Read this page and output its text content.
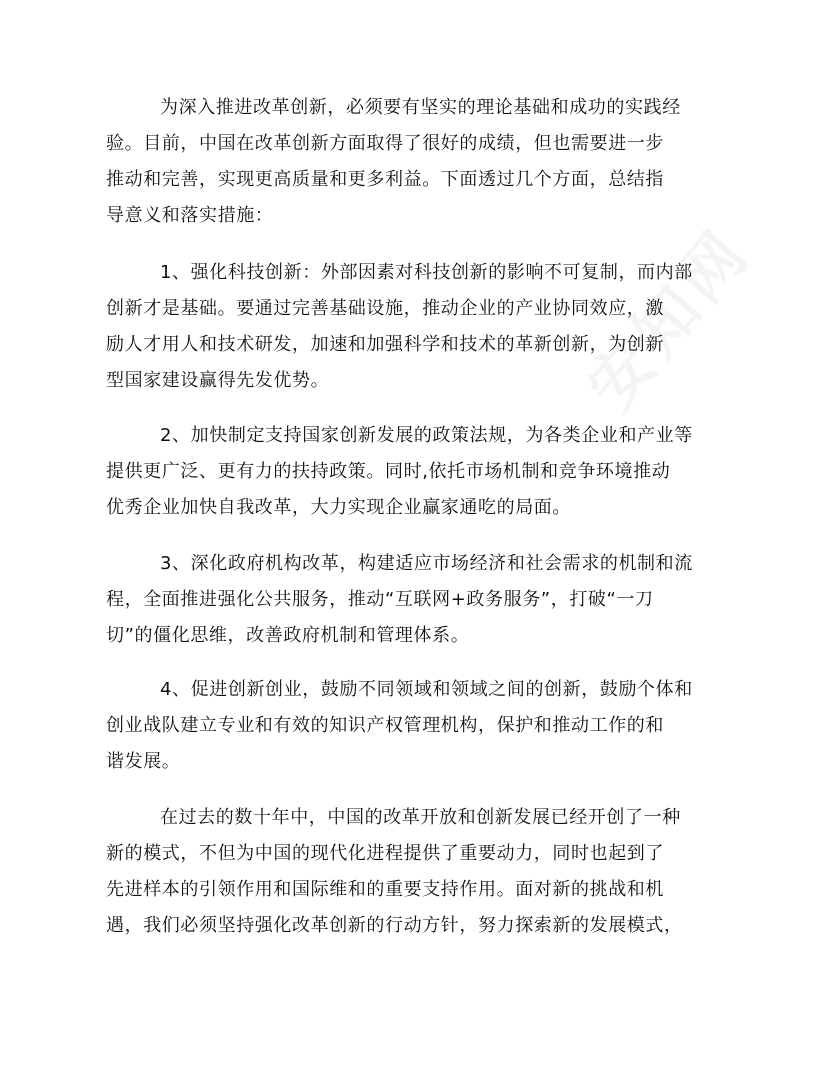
为深入推进改革创新，必须要有坚实的理论基础和成功的实践经
验。目前，中国在改革创新方面取得了很好的成绩，但也需要进一步
推动和完善，实现更高质量和更多利益。下面透过几个方面，总结指
导意义和落实措施：
1、强化科技创新：外部因素对科技创新的影响不可复制，而内部
创新才是基础。要通过完善基础设施，推动企业的产业协同效应，激
励人才用人和技术研发，加速和加强科学和技术的革新创新，为创新
型国家建设赢得先发优势。
2、加快制定支持国家创新发展的政策法规，为各类企业和产业等
提供更广泛、更有力的扶持政策。同时,依托市场机制和竞争环境推动
优秀企业加快自我改革，大力实现企业赢家通吃的局面。
3、深化政府机构改革，构建适应市场经济和社会需求的机制和流
程，全面推进强化公共服务，推动“互联网+政务服务”，打破“一刀
切”的僵化思维，改善政府机制和管理体系。
4、促进创新创业，鼓励不同领域和领域之间的创新，鼓励个体和
创业战队建立专业和有效的知识产权管理机构，保护和推动工作的和
谐发展。
在过去的数十年中，中国的改革开放和创新发展已经开创了一种
新的模式，不但为中国的现代化进程提供了重要动力，同时也起到了
先进样本的引领作用和国际维和的重要支持作用。面对新的挑战和机
遇，我们必须坚持强化改革创新的行动方针，努力探索新的发展模式，
